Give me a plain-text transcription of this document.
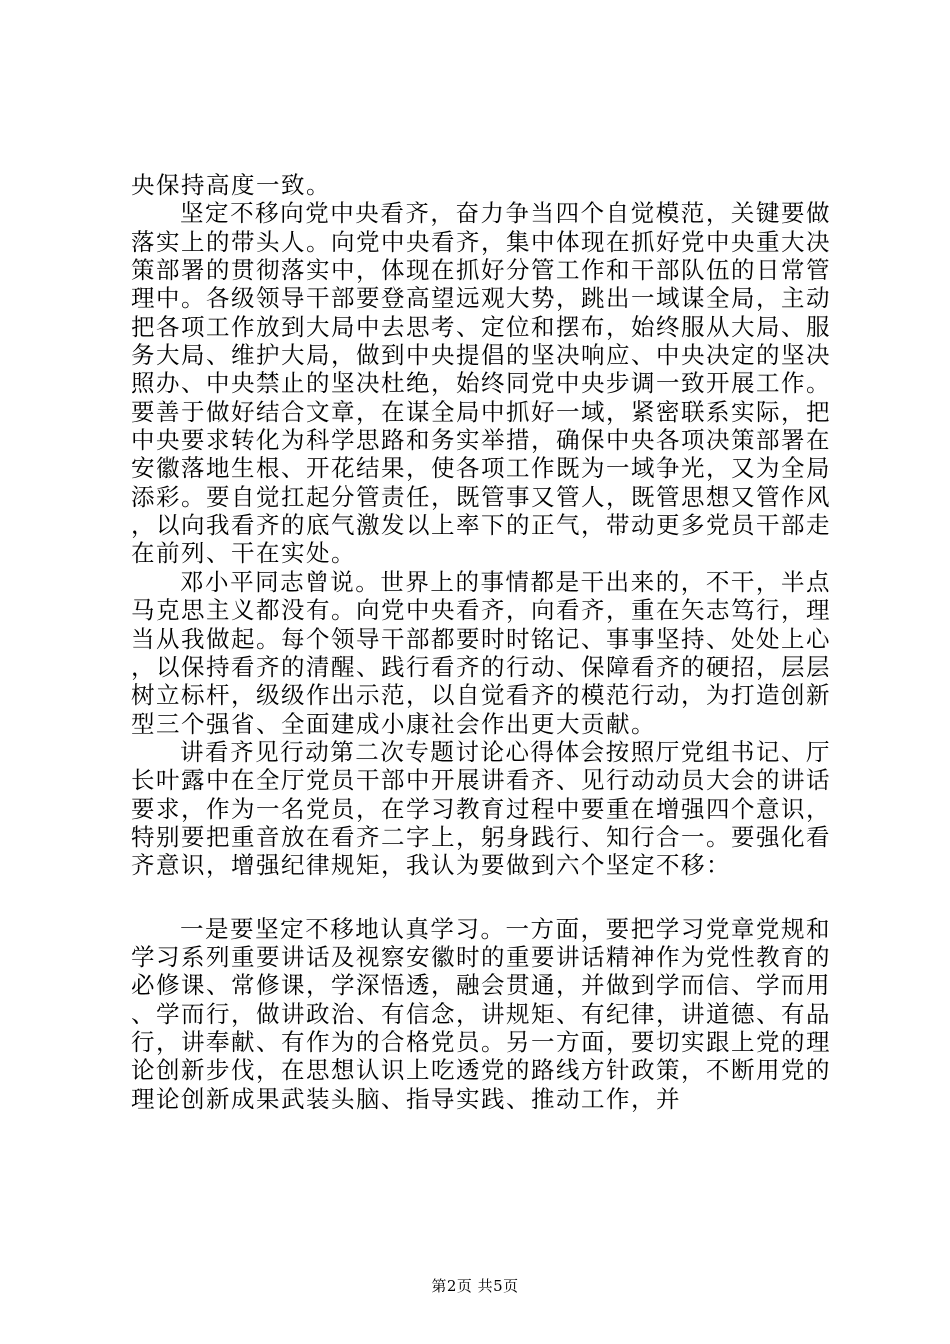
央保持高度一致。

坚定不移向党中央看齐，奋力争当四个自觉模范，关键要做落实上的带头人。向党中央看齐，集中体现在抓好党中央重大决策部署的贯彻落实中，体现在抓好分管工作和干部队伍的日常管理中。各级领导干部要登高望远观大势，跳出一域谋全局，主动把各项工作放到大局中去思考、定位和摆布，始终服从大局、服务大局、维护大局，做到中央提倡的坚决响应、中央决定的坚决照办、中央禁止的坚决杜绝，始终同党中央步调一致开展工作。要善于做好结合文章，在谋全局中抓好一域，紧密联系实际，把中央要求转化为科学思路和务实举措，确保中央各项决策部署在安徽落地生根、开花结果，使各项工作既为一域争光，又为全局添彩。要自觉扛起分管责任，既管事又管人，既管思想又管作风，以向我看齐的底气激发以上率下的正气，带动更多党员干部走在前列、干在实处。

邓小平同志曾说。世界上的事情都是干出来的，不干，半点马克思主义都没有。向党中央看齐，向看齐，重在矢志笃行，理当从我做起。每个领导干部都要时时铭记、事事坚持、处处上心，以保持看齐的清醒、践行看齐的行动、保障看齐的硬招，层层树立标杆，级级作出示范，以自觉看齐的模范行动，为打造创新型三个强省、全面建成小康社会作出更大贡献。

讲看齐见行动第二次专题讨论心得体会按照厅党组书记、厅长叶露中在全厅党员干部中开展讲看齐、见行动动员大会的讲话要求，作为一名党员，在学习教育过程中要重在增强四个意识，特别要把重音放在看齐二字上，躬身践行、知行合一。要强化看齐意识，增强纪律规矩，我认为要做到六个坚定不移：

一是要坚定不移地认真学习。一方面，要把学习党章党规和学习系列重要讲话及视察安徽时的重要讲话精神作为党性教育的必修课、常修课，学深悟透，融会贯通，并做到学而信、学而用、学而行，做讲政治、有信念，讲规矩、有纪律，讲道德、有品行，讲奉献、有作为的合格党员。另一方面，要切实跟上党的理论创新步伐，在思想认识上吃透党的路线方针政策，不断用党的理论创新成果武装头脑、指导实践、推动工作，并

第2页 共5页
